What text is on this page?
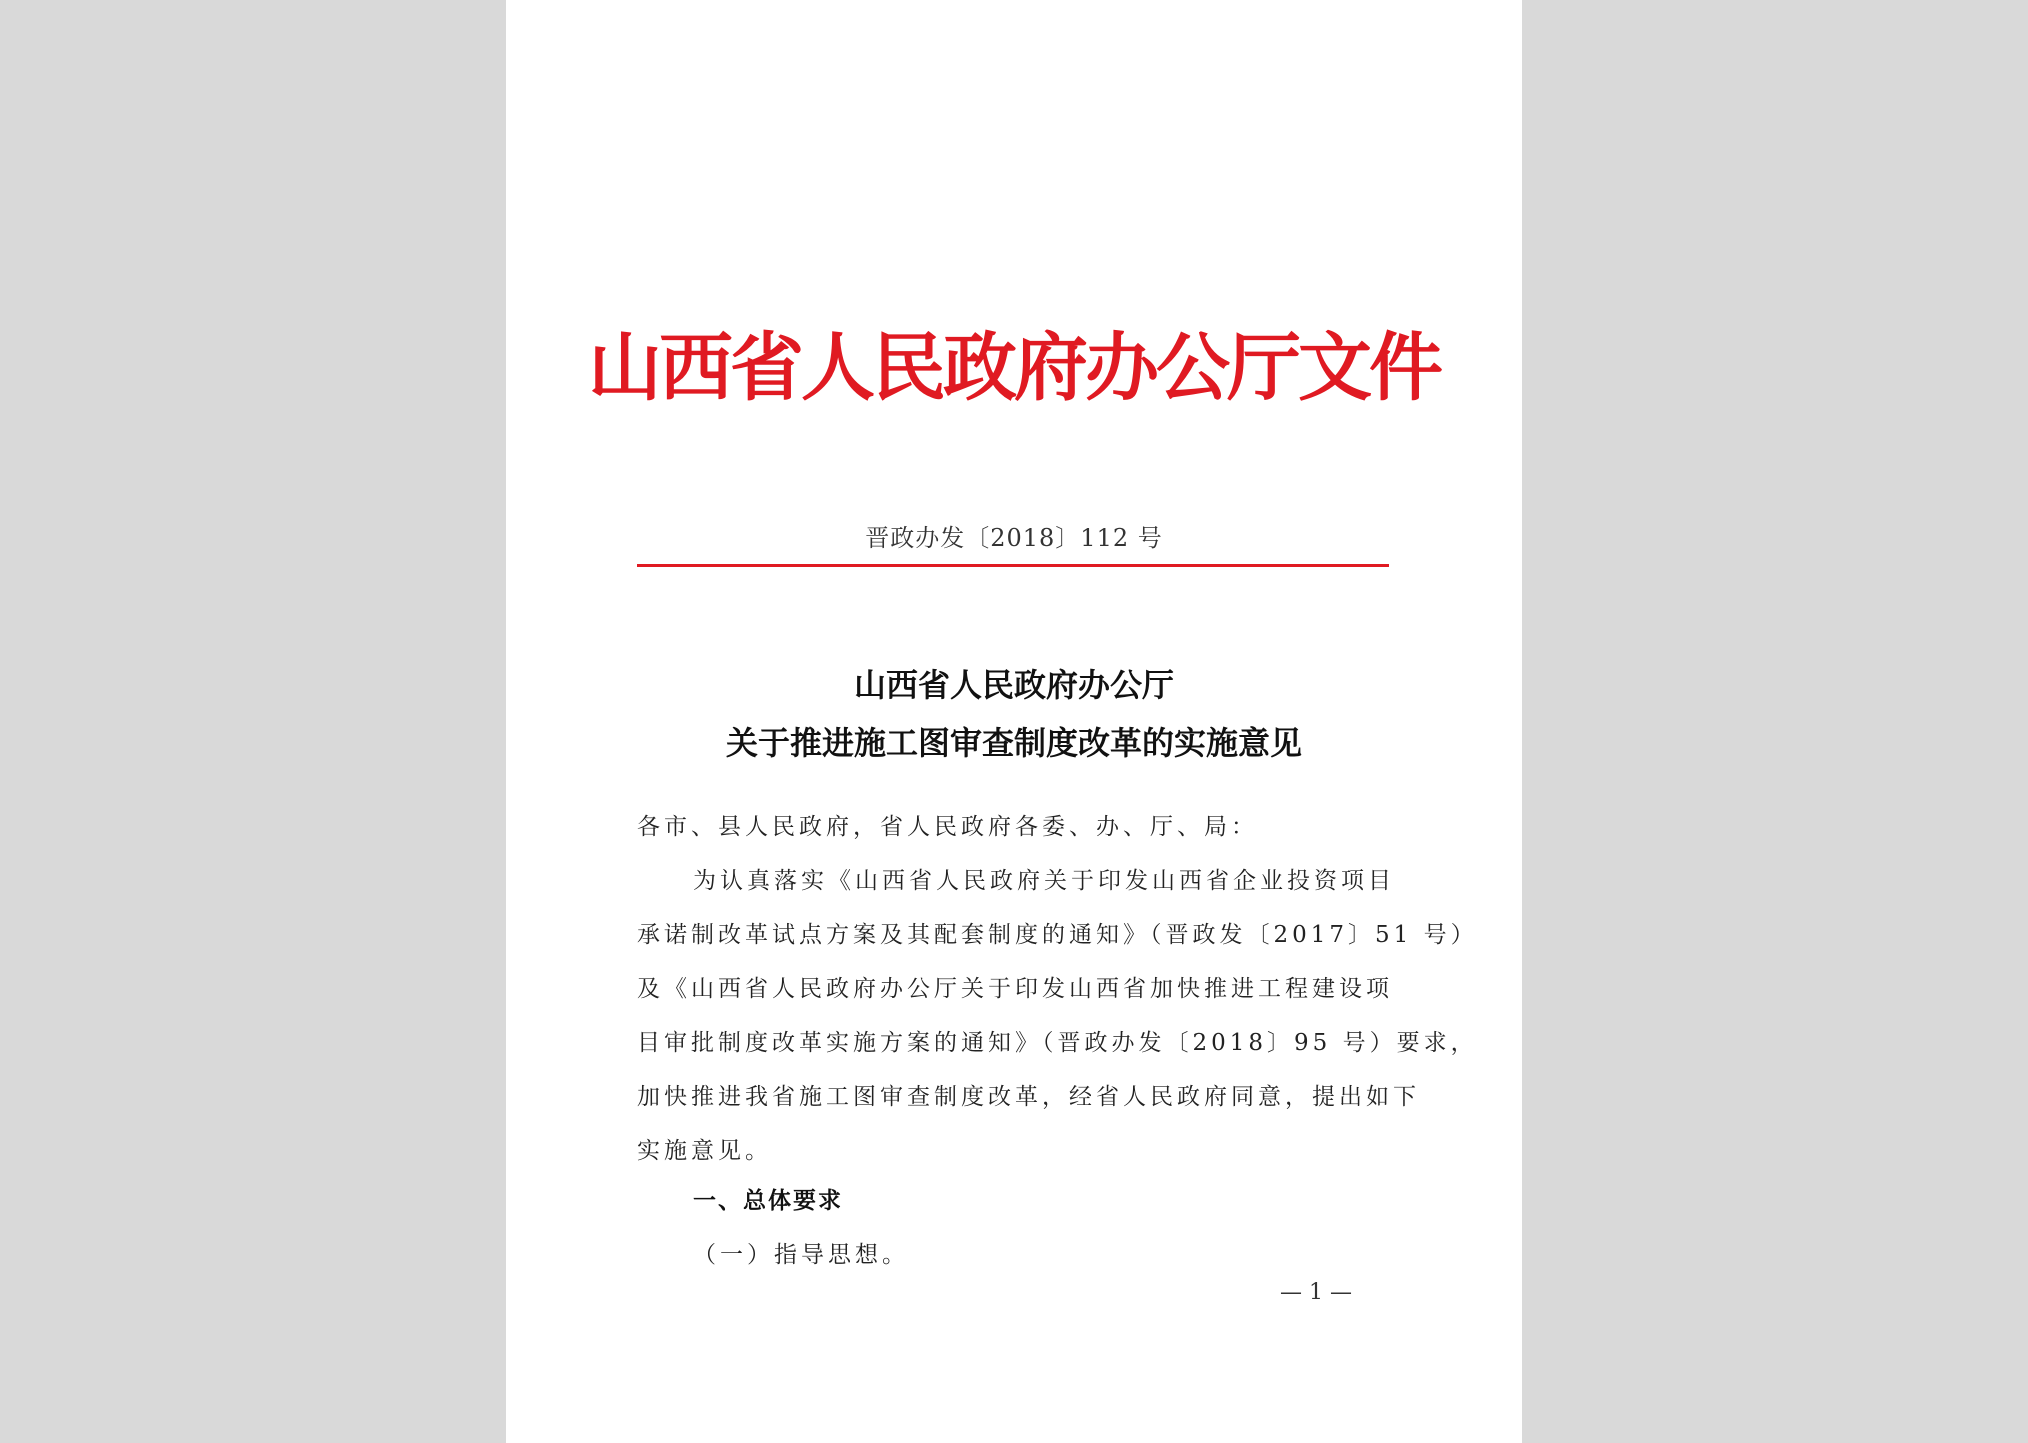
山西省人民政府办公厅文件
晋政办发〔2018〕112 号
山西省人民政府办公厅
关于推进施工图审查制度改革的实施意见
各市、县人民政府，省人民政府各委、办、厅、局：
为认真落实《山西省人民政府关于印发山西省企业投资项目
承诺制改革试点方案及其配套制度的通知》（晋政发〔2017〕51 号）
及《山西省人民政府办公厅关于印发山西省加快推进工程建设项
目审批制度改革实施方案的通知》（晋政办发〔2018〕95 号）要求，
加快推进我省施工图审查制度改革，经省人民政府同意，提出如下
实施意见。
一、总体要求
（一）指导思想。
— 1 —
